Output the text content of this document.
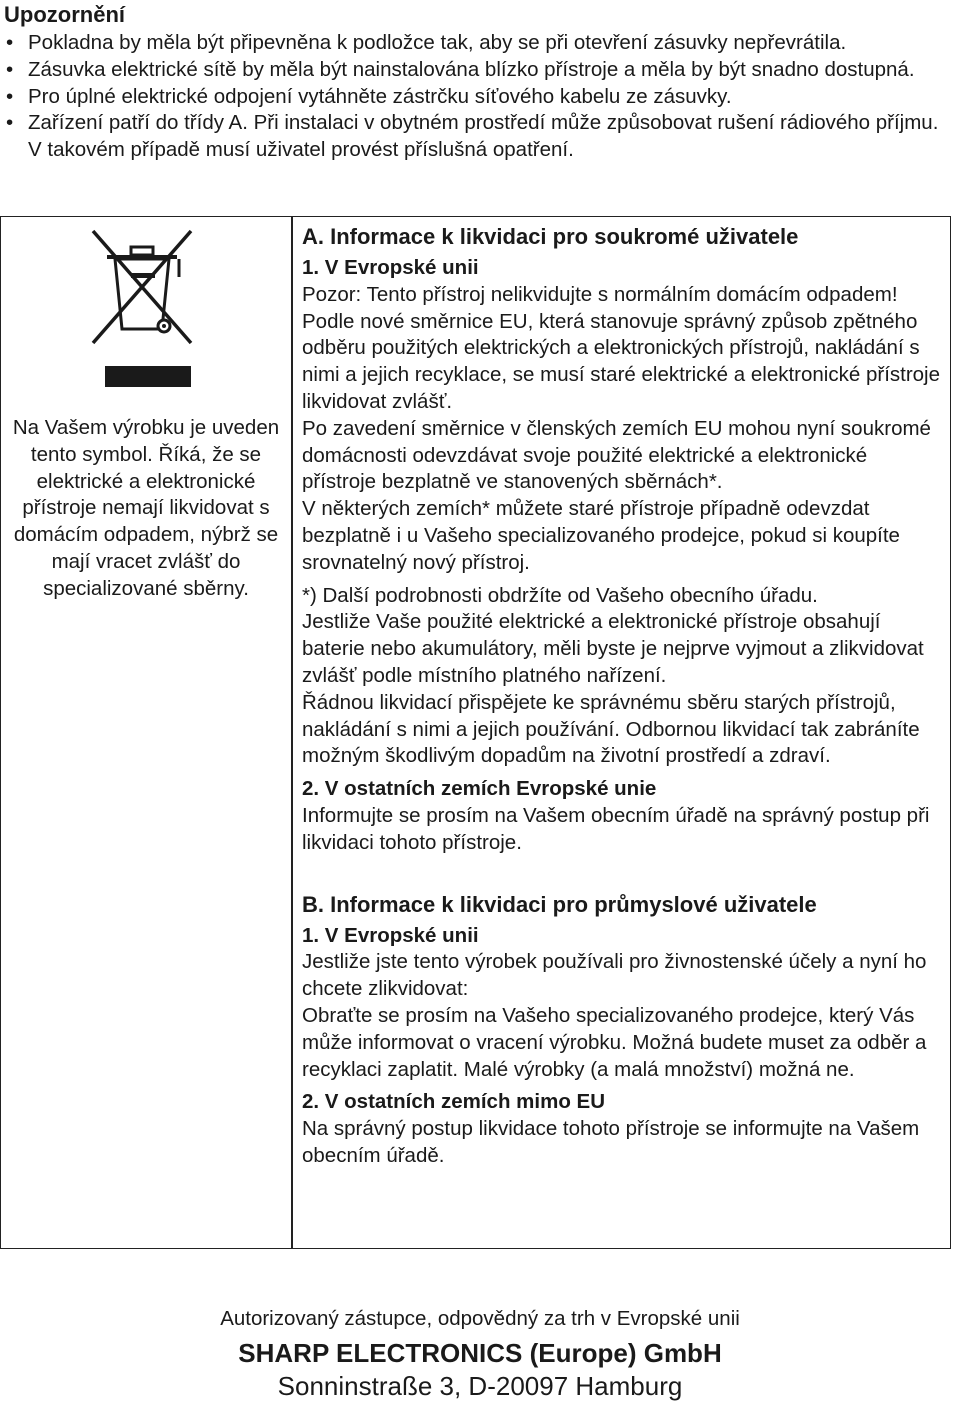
Upozornění
• Pokladna by měla být připevněna k podložce tak, aby se při otevření zásuvky nepřevrátila.
• Zásuvka elektrické sítě by měla být nainstalována blízko přístroje a měla by být snadno dostupná.
• Pro úplné elektrické odpojení vytáhněte zástrčku síťového kabelu ze zásuvky.
• Zařízení patří do třídy A. Při instalaci v obytném prostředí může způsobovat rušení rádiového příjmu. V takovém případě musí uživatel provést příslušná opatření.

Na Vašem výrobku je uveden tento symbol. Říká, že se elektrické a elektronické přístroje nemají likvidovat s domácím odpadem, nýbrž se mají vracet zvlášť do specializované sběrny.

A. Informace k likvidaci pro soukromé uživatele
1. V Evropské unii

Pozor: Tento přístroj nelikvidujte s normálním domácím odpadem!

Podle nové směrnice EU, která stanovuje správný způsob zpětného odběru použitých elektrických a elektronických přístrojů, nakládání s nimi a jejich recyklace, se musí staré elektrické a elektronické přístroje likvidovat zvlášť.

Po zavedení směrnice v členských zemích EU mohou nyní soukromé domácnosti odevzdávat svoje použité elektrické a elektronické přístroje bezplatně ve stanovených sběrnách*.

V některých zemích* můžete staré přístroje případně odevzdat bezplatně i u Vašeho specializovaného prodejce, pokud si koupíte srovnatelný nový přístroj.

*) Další podrobnosti obdržíte od Vašeho obecního úřadu.

Jestliže Vaše použité elektrické a elektronické přístroje obsahují baterie nebo akumulátory, měli byste je nejprve vyjmout a zlikvidovat zvlášť podle místního platného nařízení.

Řádnou likvidací přispějete ke správnému sběru starých přístrojů, nakládání s nimi a jejich používání. Odbornou likvidací tak zabráníte možným škodlivým dopadům na životní prostředí a zdraví.

2. V ostatních zemích Evropské unie

Informujte se prosím na Vašem obecním úřadě na správný postup při likvidaci tohoto přístroje.

B. Informace k likvidaci pro průmyslové uživatele
1. V Evropské unii

Jestliže jste tento výrobek používali pro živnostenské účely a nyní ho chcete zlikvidovat:

Obraťte se prosím na Vašeho specializovaného prodejce, který Vás může informovat o vracení výrobku. Možná budete muset za odběr a recyklaci zaplatit. Malé výrobky (a malá množství) možná ne.

2. V ostatních zemích mimo EU

Na správný postup likvidace tohoto přístroje se informujte na Vašem obecním úřadě.

Autorizovaný zástupce, odpovědný za trh v Evropské unii
SHARP ELECTRONICS (Europe) GmbH
Sonninstraße 3, D-20097 Hamburg
